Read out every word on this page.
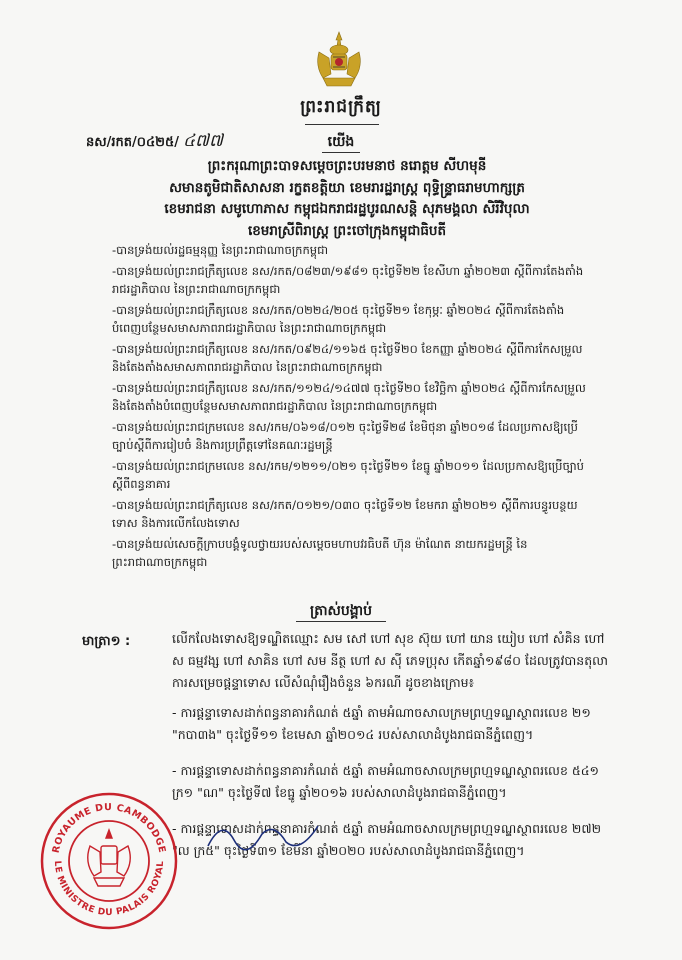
ព្រះរាជក្រឹត្យ
នស/រកត/០៤២៥/ ៤៧៧	យើង
ព្រះករុណាព្រះបាទសម្តេចព្រះបរមនាថ នរោត្តម សីហមុនី
សមានតូមិជាតិសាសនា រក្ខតខត្តិយា ខេមរារដ្ឋរាស្ត្រ ពុទ្ធិន្ទ្រាធរាមហាក្សត្រ
ខេមរាជនា សមូហោភាស កម្ពុជឯករាជរដ្ឋបូរណសន្តិ សុភមង្គលា សិរីវិបុលា
ខេមរាស្រីពិរាស្ត្រ ព្រះចៅក្រុងកម្ពុជាធិបតី
-បានទ្រង់យល់រដ្ឋធម្មនុញ្ញ នៃព្រះរាជាណាចក្រកម្ពុជា
-បានទ្រង់យល់ព្រះរាជក្រឹត្យលេខ នស/រកត/០៨២៣/១៩៨១ ចុះថ្ងៃទី២២ ខែសីហា ឆ្នាំ២០២៣ ស្តីពីការតែងតាំងរាជរដ្ឋាភិបាល នៃព្រះរាជាណាចក្រកម្ពុជា
-បានទ្រង់យល់ព្រះរាជក្រឹត្យលេខ នស/រកត/០២២៤/២០៥ ចុះថ្ងៃទី២១ ខែកុម្ភៈ ឆ្នាំ២០២៤ ស្តីពីការតែងតាំងបំពេញបន្ថែមសមាសភាពរាជរដ្ឋាភិបាល នៃព្រះរាជាណាចក្រកម្ពុជា
-បានទ្រង់យល់ព្រះរាជក្រឹត្យលេខ នស/រកត/០៩២៤/១១៦៥ ចុះថ្ងៃទី២០ ខែកញ្ញា ឆ្នាំ២០២៤ ស្តីពីការកែសម្រួល និងតែងតាំងសមាសភាពរាជរដ្ឋាភិបាល នៃព្រះរាជាណាចក្រកម្ពុជា
-បានទ្រង់យល់ព្រះរាជក្រឹត្យលេខ នស/រកត/១១២៤/១៤៧៧ ចុះថ្ងៃទី២០ ខែវិច្ឆិកា ឆ្នាំ២០២៤ ស្តីពីការកែសម្រួល និងតែងតាំងបំពេញបន្ថែមសមាសភាពរាជរដ្ឋាភិបាល នៃព្រះរាជាណាចក្រកម្ពុជា
-បានទ្រង់យល់ព្រះរាជក្រមលេខ នស/រកម/០៦១៨/០១២ ចុះថ្ងៃទី២៨ ខែមិថុនា ឆ្នាំ២០១៨ ដែលប្រកាសឱ្យប្រើច្បាប់ស្តីពីការរៀបចំ និងការប្រព្រឹត្តទៅនៃគណៈរដ្ឋមន្ត្រី
-បានទ្រង់យល់ព្រះរាជក្រមលេខ នស/រកម/១២១១/០២១ ចុះថ្ងៃទី២១ ខែធ្នូ ឆ្នាំ២០១១ ដែលប្រកាសឱ្យប្រើច្បាប់ស្តីពីពន្ធនាគារ
-បានទ្រង់យល់ព្រះរាជក្រឹត្យលេខ នស/រកត/០១២១/០៣០ ចុះថ្ងៃទី១២ ខែមករា ឆ្នាំ២០២១ ស្តីពីការបន្ធូរបន្ថយទោស និងការលើកលែងទោស
-បានទ្រង់យល់សេចក្តីក្រាបបង្គំទូលថ្វាយរបស់សម្តេចមហាបវរធិបតី ហ៊ុន ម៉ាណែត នាយករដ្ឋមន្ត្រី នៃព្រះរាជាណាចក្រកម្ពុជា
ត្រាស់បង្គាប់
មាត្រា១ :	លើកលែងទោសឱ្យទណ្ឌិតឈ្មោះ សម សៅ ហៅ សុខ ស៊ុយ ហៅ យាន យៀប ហៅ សំគិន ហៅ ស ធម្មវង្ស ហៅ សាគិន ហៅ សម នីត្ថ ហៅ ស ស៊ី ភេទប្រុស កើតឆ្នាំ១៩៨០ ដែលត្រូវបានតុលាការសម្រេចផ្តន្ទាទោស លើសំណុំរឿងចំនួន ៦ករណី ដូចខាងក្រោម៖
- ការផ្តន្ទាទោសដាក់ពន្ធនាគារកំណត់ ៥ឆ្នាំ តាមអំណាចសាលក្រមព្រហ្មទណ្ឌស្ថាពរលេខ ២១ "កបា៣ង" ចុះថ្ងៃទី១១ ខែមេសា ឆ្នាំ២០១៤ របស់សាលាដំបូងរាជធានីភ្នំពេញ។
- ការផ្តន្ទាទោសដាក់ពន្ធនាគារកំណត់ ៥ឆ្នាំ តាមអំណាចសាលក្រមព្រហ្មទណ្ឌស្ថាពរលេខ ៥៤១ ក្រ១ "ណ" ចុះថ្ងៃទី៧ ខែធ្នូ ឆ្នាំ២០១៦ របស់សាលាដំបូងរាជធានីភ្នំពេញ។
- ការផ្តន្ទាទោសដាក់ពន្ធនាគារកំណត់ ៥ឆ្នាំ តាមអំណាចសាលក្រមព្រហ្មទណ្ឌស្ថាពរលេខ ២៧២ "ល ក្រ៥" ចុះថ្ងៃទី៣១ ខែមីនា ឆ្នាំ២០២០ របស់សាលាដំបូងរាជធានីភ្នំពេញ។
ROYAUME DU CAMBODGE
LE MINISTRE DU PALAIS ROYAL
